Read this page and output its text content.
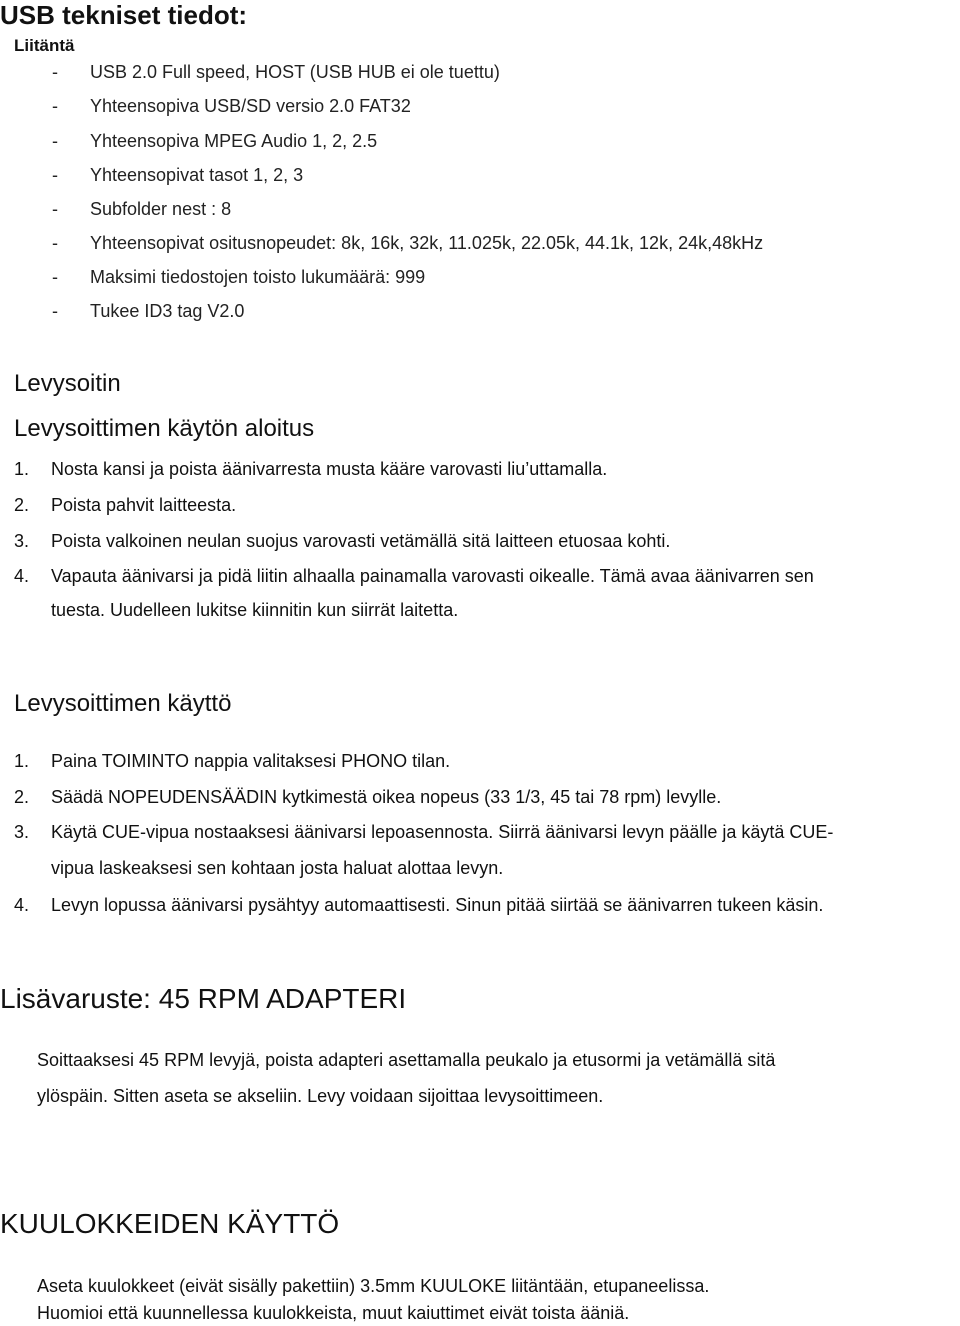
USB tekniset tiedot:
Liitäntä
- USB 2.0 Full speed, HOST (USB HUB ei ole tuettu)
- Yhteensopiva USB/SD versio 2.0 FAT32
- Yhteensopiva MPEG Audio 1, 2, 2.5
- Yhteensopivat tasot 1, 2, 3
- Subfolder nest : 8
- Yhteensopivat ositusnopeudet: 8k, 16k, 32k, 11.025k, 22.05k, 44.1k, 12k, 24k,48kHz
- Maksimi tiedostojen toisto lukumäärä: 999
- Tukee ID3 tag V2.0
Levysoitin
Levysoittimen käytön aloitus
1. Nosta kansi ja poista äänivarresta musta kääre varovasti liu’uttamalla.
2. Poista pahvit laitteesta.
3. Poista valkoinen neulan suojus varovasti vetämällä sitä laitteen etuosaa kohti.
4. Vapauta äänivarsi ja pidä liitin alhaalla painamalla varovasti oikealle. Tämä avaa äänivarren sen
tuesta. Uudelleen lukitse kiinnitin kun siirrät laitetta.
Levysoittimen käyttö
1. Paina TOIMINTO nappia valitaksesi PHONO tilan.
2. Säädä NOPEUDENSÄÄDIN kytkimestä oikea nopeus (33 1/3, 45 tai 78 rpm) levylle.
3. Käytä CUE-vipua nostaaksesi äänivarsi lepoasennosta. Siirrä äänivarsi levyn päälle ja käytä CUE-
vipua laskeaksesi sen kohtaan josta haluat alottaa levyn.
4. Levyn lopussa äänivarsi pysähtyy automaattisesti. Sinun pitää siirtää se äänivarren tukeen käsin.
Lisävaruste: 45 RPM ADAPTERI
Soittaaksesi 45 RPM levyjä, poista adapteri asettamalla peukalo ja etusormi ja vetämällä sitä
ylöspäin. Sitten aseta se akseliin. Levy voidaan sijoittaa levysoittimeen.
KUULOKKEIDEN KÄYTTÖ
Aseta kuulokkeet (eivät sisälly pakettiin) 3.5mm KUULOKE liitäntään, etupaneelissa.
Huomioi että kuunnellessa kuulokkeista, muut kaiuttimet eivät toista ääniä.
